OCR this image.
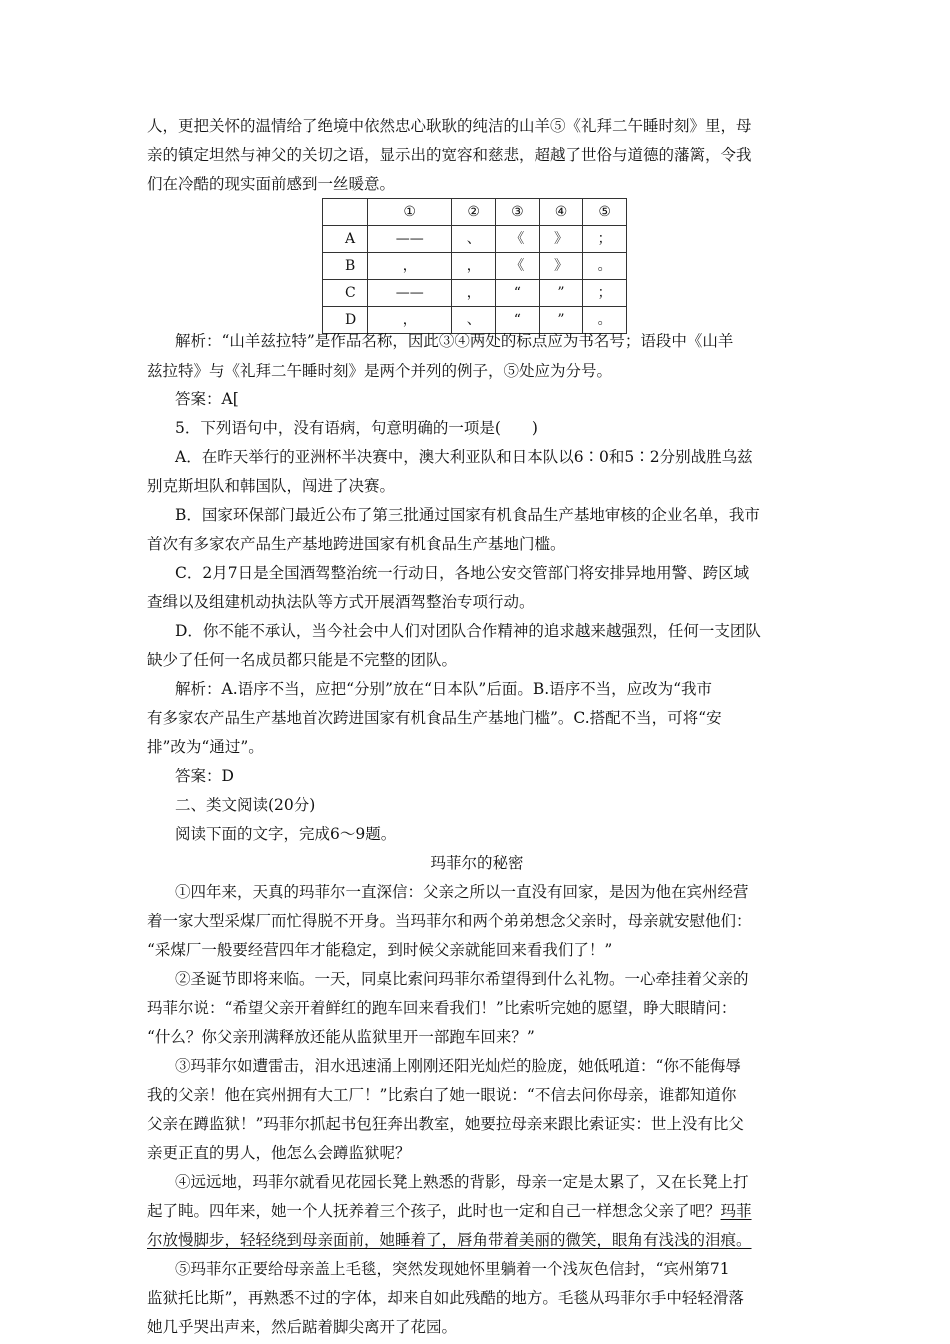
人，更把关怀的温情给了绝境中依然忠心耿耿的纯洁的山羊⑤《礼拜二午睡时刻》里，母
亲的镇定坦然与神父的关切之语，显示出的宽容和慈悲，超越了世俗与道德的藩篱，令我
们在冷酷的现实面前感到一丝暖意。
	①	②	③	④	⑤
A	——	、	《	》	；
B	，	，	《	》	。
C	——	，	“	”	；
D	，	、	“	”	。
解析：“山羊兹拉特”是作品名称，因此③④两处的标点应为书名号；语段中《山羊
兹拉特》与《礼拜二午睡时刻》是两个并列的例子，⑤处应为分号。
答案：A[
5．下列语句中，没有语病，句意明确的一项是(　　)
A．在昨天举行的亚洲杯半决赛中，澳大利亚队和日本队以6∶0和5∶2分别战胜乌兹
别克斯坦队和韩国队，闯进了决赛。
B．国家环保部门最近公布了第三批通过国家有机食品生产基地审核的企业名单，我市
首次有多家农产品生产基地跨进国家有机食品生产基地门槛。
C．2月7日是全国酒驾整治统一行动日，各地公安交管部门将安排异地用警、跨区域
查缉以及组建机动执法队等方式开展酒驾整治专项行动。
D．你不能不承认，当今社会中人们对团队合作精神的追求越来越强烈，任何一支团队
缺少了任何一名成员都只能是不完整的团队。
解析：A.语序不当，应把“分别”放在“日本队”后面。B.语序不当，应改为“我市
有多家农产品生产基地首次跨进国家有机食品生产基地门槛”。C.搭配不当，可将“安
排”改为“通过”。
答案：D
二、类文阅读(20分)
阅读下面的文字，完成6～9题。
玛菲尔的秘密
①四年来，天真的玛菲尔一直深信：父亲之所以一直没有回家，是因为他在宾州经营
着一家大型采煤厂而忙得脱不开身。当玛菲尔和两个弟弟想念父亲时，母亲就安慰他们：
“采煤厂一般要经营四年才能稳定，到时候父亲就能回来看我们了！”
②圣诞节即将来临。一天，同桌比索问玛菲尔希望得到什么礼物。一心牵挂着父亲的
玛菲尔说：“希望父亲开着鲜红的跑车回来看我们！”比索听完她的愿望，睁大眼睛问：
“什么？你父亲刑满释放还能从监狱里开一部跑车回来？”
③玛菲尔如遭雷击，泪水迅速涌上刚刚还阳光灿烂的脸庞，她低吼道：“你不能侮辱
我的父亲！他在宾州拥有大工厂！”比索白了她一眼说：“不信去问你母亲，谁都知道你
父亲在蹲监狱！”玛菲尔抓起书包狂奔出教室，她要拉母亲来跟比索证实：世上没有比父
亲更正直的男人，他怎么会蹲监狱呢？
④远远地，玛菲尔就看见花园长凳上熟悉的背影，母亲一定是太累了，又在长凳上打
起了盹。四年来，她一个人抚养着三个孩子，此时也一定和自己一样想念父亲了吧？玛菲
尔放慢脚步，轻轻绕到母亲面前，她睡着了，唇角带着美丽的微笑，眼角有浅浅的泪痕。
⑤玛菲尔正要给母亲盖上毛毯，突然发现她怀里躺着一个浅灰色信封，“宾州第71
监狱托比斯”，再熟悉不过的字体，却来自如此残酷的地方。毛毯从玛菲尔手中轻轻滑落
她几乎哭出声来，然后踮着脚尖离开了花园。
